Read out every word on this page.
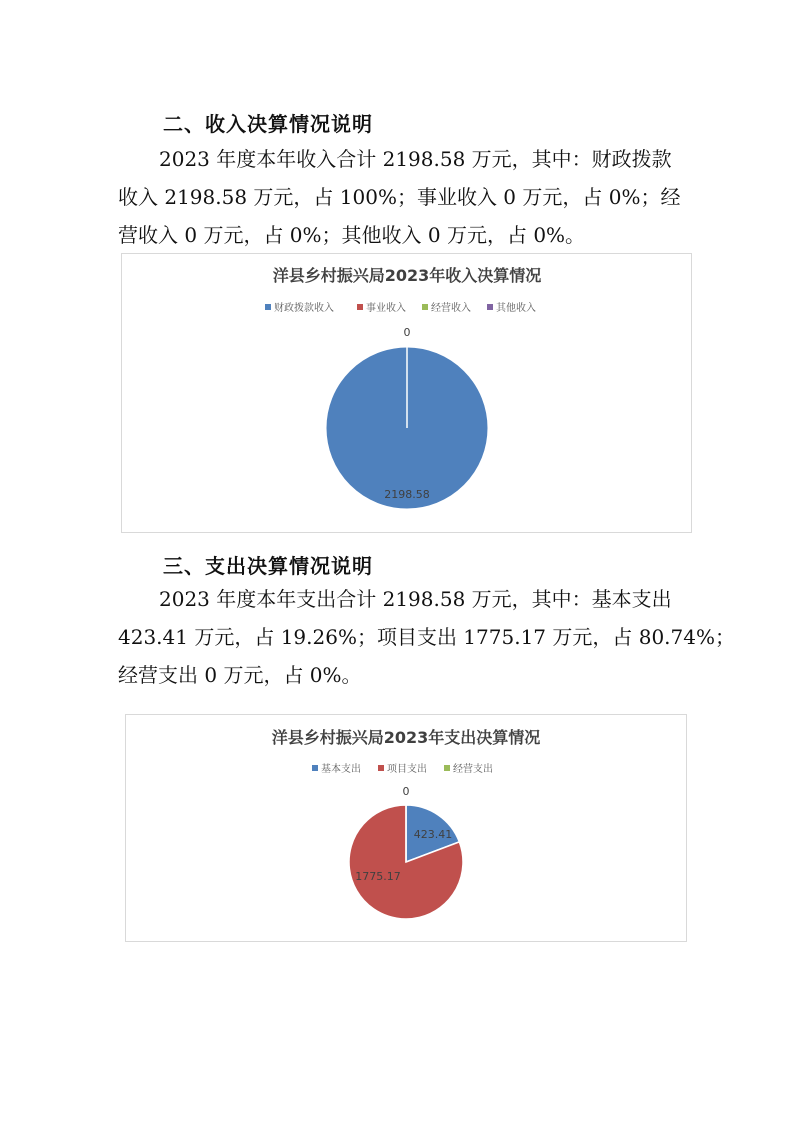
二、收入决算情况说明
2023 年度本年收入合计 2198.58 万元，其中：财政拨款
收入 2198.58 万元，占 100%；事业收入 0 万元，占 0%；经
营收入 0 万元，占 0%；其他收入 0 万元，占 0%。
洋县乡村振兴局2023年收入决算情况
财政拨款收入	事业收入	经营收入	其他收入
0
2198.58
三、支出决算情况说明
2023 年度本年支出合计 2198.58 万元，其中：基本支出
423.41 万元，占 19.26%；项目支出 1775.17 万元，占 80.74%；
经营支出 0 万元，占 0%。
洋县乡村振兴局2023年支出决算情况
基本支出	项目支出	经营支出
0
423.41
1775.17
